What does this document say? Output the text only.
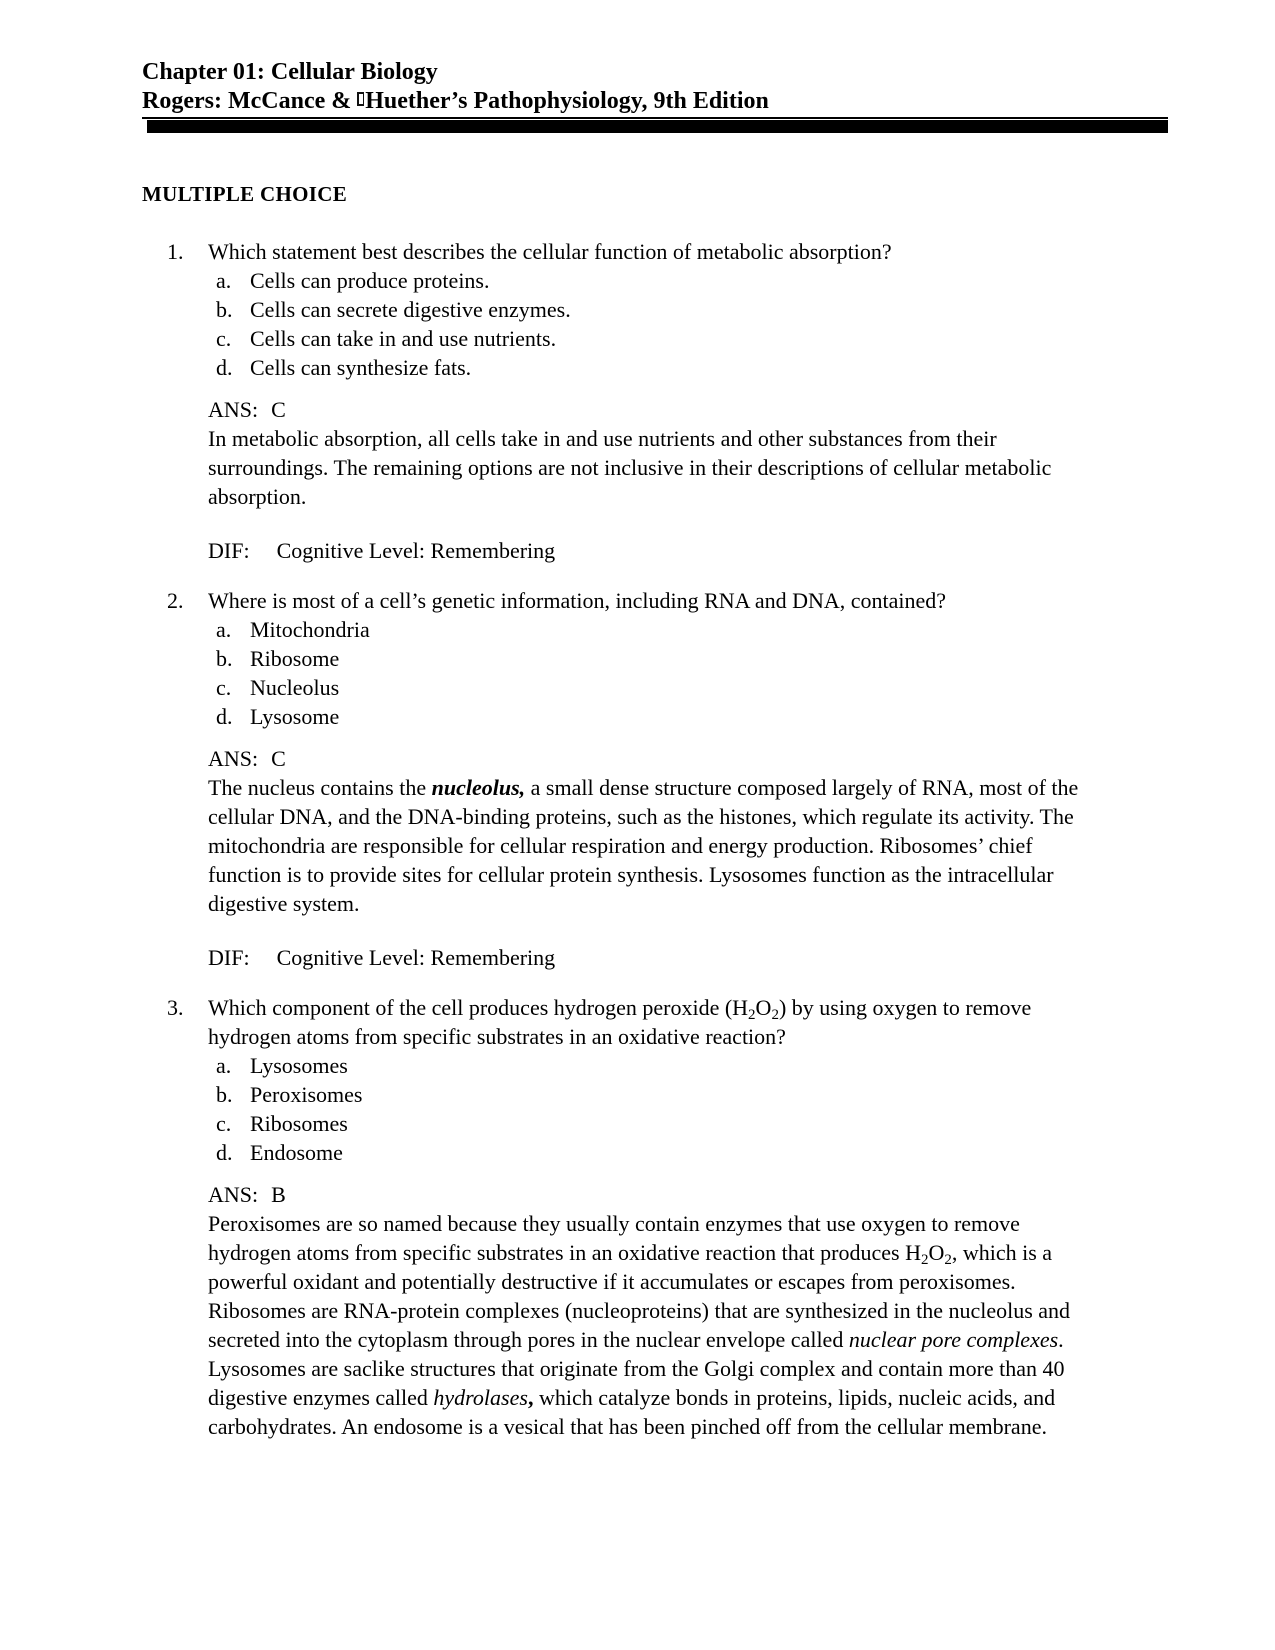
Chapter 01: Cellular Biology
Rogers: McCance & Huether’s Pathophysiology, 9th Edition
MULTIPLE CHOICE
1. Which statement best describes the cellular function of metabolic absorption?
a. Cells can produce proteins.
b. Cells can secrete digestive enzymes.
c. Cells can take in and use nutrients.
d. Cells can synthesize fats.
ANS: C
In metabolic absorption, all cells take in and use nutrients and other substances from their surroundings. The remaining options are not inclusive in their descriptions of cellular metabolic absorption.
DIF: Cognitive Level: Remembering
2. Where is most of a cell’s genetic information, including RNA and DNA, contained?
a. Mitochondria
b. Ribosome
c. Nucleolus
d. Lysosome
ANS: C
The nucleus contains the nucleolus, a small dense structure composed largely of RNA, most of the cellular DNA, and the DNA-binding proteins, such as the histones, which regulate its activity. The mitochondria are responsible for cellular respiration and energy production. Ribosomes’ chief function is to provide sites for cellular protein synthesis. Lysosomes function as the intracellular digestive system.
DIF: Cognitive Level: Remembering
3. Which component of the cell produces hydrogen peroxide (H2O2) by using oxygen to remove hydrogen atoms from specific substrates in an oxidative reaction?
a. Lysosomes
b. Peroxisomes
c. Ribosomes
d. Endosome
ANS: B
Peroxisomes are so named because they usually contain enzymes that use oxygen to remove hydrogen atoms from specific substrates in an oxidative reaction that produces H2O2, which is a powerful oxidant and potentially destructive if it accumulates or escapes from peroxisomes. Ribosomes are RNA-protein complexes (nucleoproteins) that are synthesized in the nucleolus and secreted into the cytoplasm through pores in the nuclear envelope called nuclear pore complexes. Lysosomes are saclike structures that originate from the Golgi complex and contain more than 40 digestive enzymes called hydrolases, which catalyze bonds in proteins, lipids, nucleic acids, and carbohydrates. An endosome is a vesical that has been pinched off from the cellular membrane.
